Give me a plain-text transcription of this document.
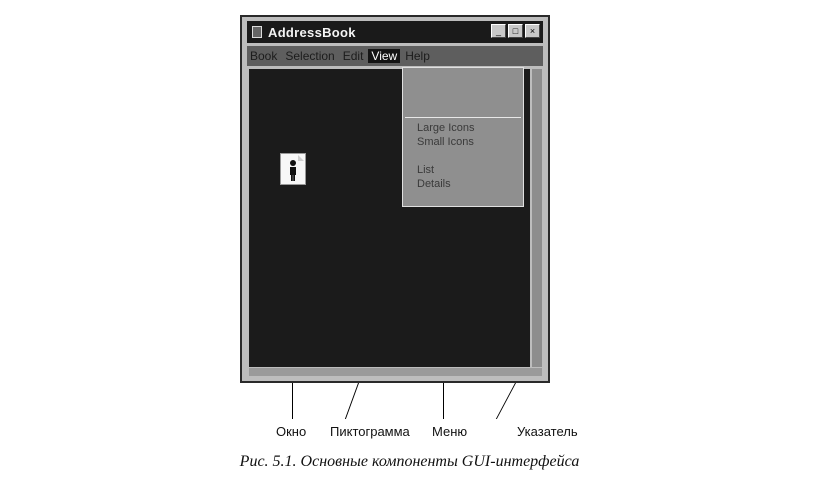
AddressBook	_	□	×
Book Selection Edit View Help
Large Icons
Small Icons
List
Details
Окно Пиктограмма Меню	Указатель
Рис. 5.1. Основные компоненты GUI-интерфейса
